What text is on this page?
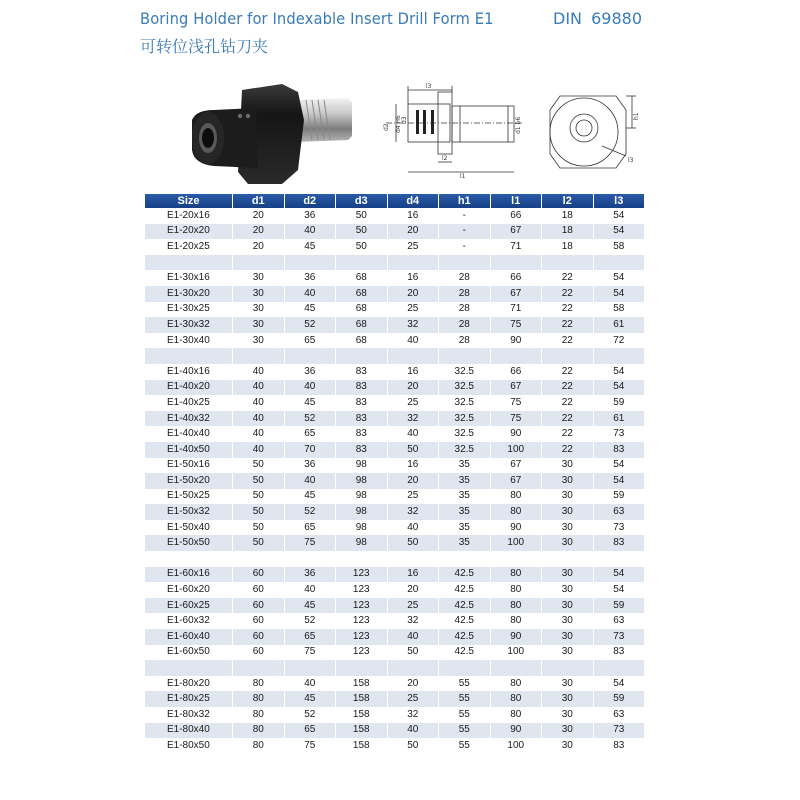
Boring Holder for Indexable Insert Drill Form E1
可转位浅孔钻刀夹
DIN 69880
l3
d2 d4 H6 d3
l2
l1
d1 h6
h1
l3
Size	d1	d2	d3	d4	h1	l1	l2	l3
E1-20x16	20	36	50	16	-	66	18	54
E1-20x20	20	40	50	20	-	67	18	54
E1-20x25	20	45	50	25	-	71	18	58

E1-30x16	30	36	68	16	28	66	22	54
E1-30x20	30	40	68	20	28	67	22	54
E1-30x25	30	45	68	25	28	71	22	58
E1-30x32	30	52	68	32	28	75	22	61
E1-30x40	30	65	68	40	28	90	22	72

E1-40x16	40	36	83	16	32.5	66	22	54
E1-40x20	40	40	83	20	32.5	67	22	54
E1-40x25	40	45	83	25	32.5	75	22	59
E1-40x32	40	52	83	32	32.5	75	22	61
E1-40x40	40	65	83	40	32.5	90	22	73
E1-40x50	40	70	83	50	32.5	100	22	83
E1-50x16	50	36	98	16	35	67	30	54
E1-50x20	50	40	98	20	35	67	30	54
E1-50x25	50	45	98	25	35	80	30	59
E1-50x32	50	52	98	32	35	80	30	63
E1-50x40	50	65	98	40	35	90	30	73
E1-50x50	50	75	98	50	35	100	30	83

E1-60x16	60	36	123	16	42.5	80	30	54
E1-60x20	60	40	123	20	42.5	80	30	54
E1-60x25	60	45	123	25	42.5	80	30	59
E1-60x32	60	52	123	32	42.5	80	30	63
E1-60x40	60	65	123	40	42.5	90	30	73
E1-60x50	60	75	123	50	42.5	100	30	83

E1-80x20	80	40	158	20	55	80	30	54
E1-80x25	80	45	158	25	55	80	30	59
E1-80x32	80	52	158	32	55	80	30	63
E1-80x40	80	65	158	40	55	90	30	73
E1-80x50	80	75	158	50	55	100	30	83
